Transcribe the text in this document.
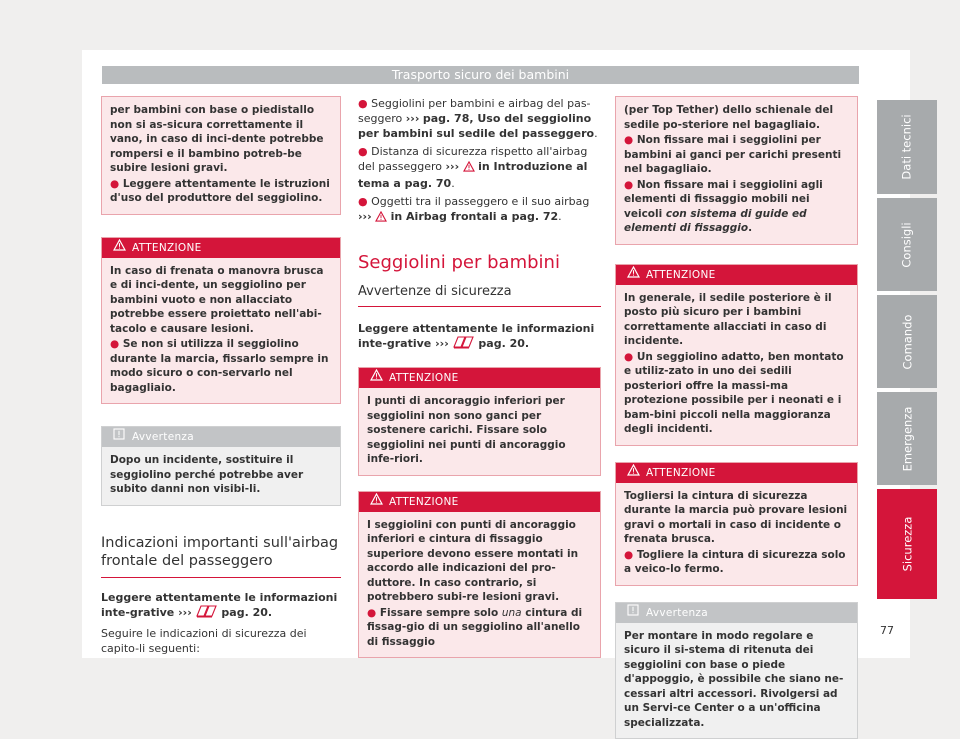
Trasporto sicuro dei bambini
per bambini con base o piedistallo non si as-sicura correttamente il vano, in caso di inci-dente potrebbe rompersi e il bambino potreb-be subire lesioni gravi.
● Leggere attentamente le istruzioni d'uso del produttore del seggiolino.
ATTENZIONE
In caso di frenata o manovra brusca e di inci-dente, un seggiolino per bambini vuoto e non allacciato potrebbe essere proiettato nell'abi-tacolo e causare lesioni.
● Se non si utilizza il seggiolino durante la marcia, fissarlo sempre in modo sicuro o con-servarlo nel bagagliaio.
Avvertenza
Dopo un incidente, sostituire il seggiolino perché potrebbe aver subito danni non visibi-li.
Indicazioni importanti sull'airbag frontale del passeggero
Leggere attentamente le informazioni inte-grative ›››	pag. 20.
Seguire le indicazioni di sicurezza dei capito-li seguenti:
● Seggiolini per bambini e airbag del pas-seggero ››› pag. 78, Uso del seggiolino per bambini sul sedile del passeggero.
● Distanza di sicurezza rispetto all'airbag del passeggero ››› in Introduzione al tema a pag. 70.
● Oggetti tra il passeggero e il suo airbag
››› in Airbag frontali a pag. 72.
Seggiolini per bambini
Avvertenze di sicurezza
Leggere attentamente le informazioni inte-grative ›››	pag. 20.
ATTENZIONE
I punti di ancoraggio inferiori per seggiolini non sono ganci per sostenere carichi. Fissare solo seggiolini nei punti di ancoraggio infe-riori.
ATTENZIONE
I seggiolini con punti di ancoraggio inferiori e cintura di fissaggio superiore devono essere montati in accordo alle indicazioni del pro-duttore. In caso contrario, si potrebbero subi-re lesioni gravi.
● Fissare sempre solo una cintura di fissag-gio di un seggiolino all'anello di fissaggio
(per Top Tether) dello schienale del sedile po-steriore nel bagagliaio.
● Non fissare mai i seggiolini per bambini ai ganci per carichi presenti nel bagagliaio.
● Non fissare mai i seggiolini agli elementi di fissaggio mobili nei veicoli con sistema di guide ed elementi di fissaggio.
ATTENZIONE
In generale, il sedile posteriore è il posto più sicuro per i bambini correttamente allacciati in caso di incidente.
● Un seggiolino adatto, ben montato e utiliz-zato in uno dei sedili posteriori offre la massi-ma protezione possibile per i neonati e i bam-bini piccoli nella maggioranza degli incidenti.
ATTENZIONE
Togliersi la cintura di sicurezza durante la marcia può provare lesioni gravi o mortali in caso di incidente o frenata brusca.
● Togliere la cintura di sicurezza solo a veico-lo fermo.
Avvertenza
Per montare in modo regolare e sicuro il si-stema di ritenuta dei seggiolini con base o piede d'appoggio, è possibile che siano ne-cessari altri accessori. Rivolgersi ad un Servi-ce Center o a un'officina specializzata.
Dati tecnici
Consigli
Comando
Emergenza
Sicurezza
77
